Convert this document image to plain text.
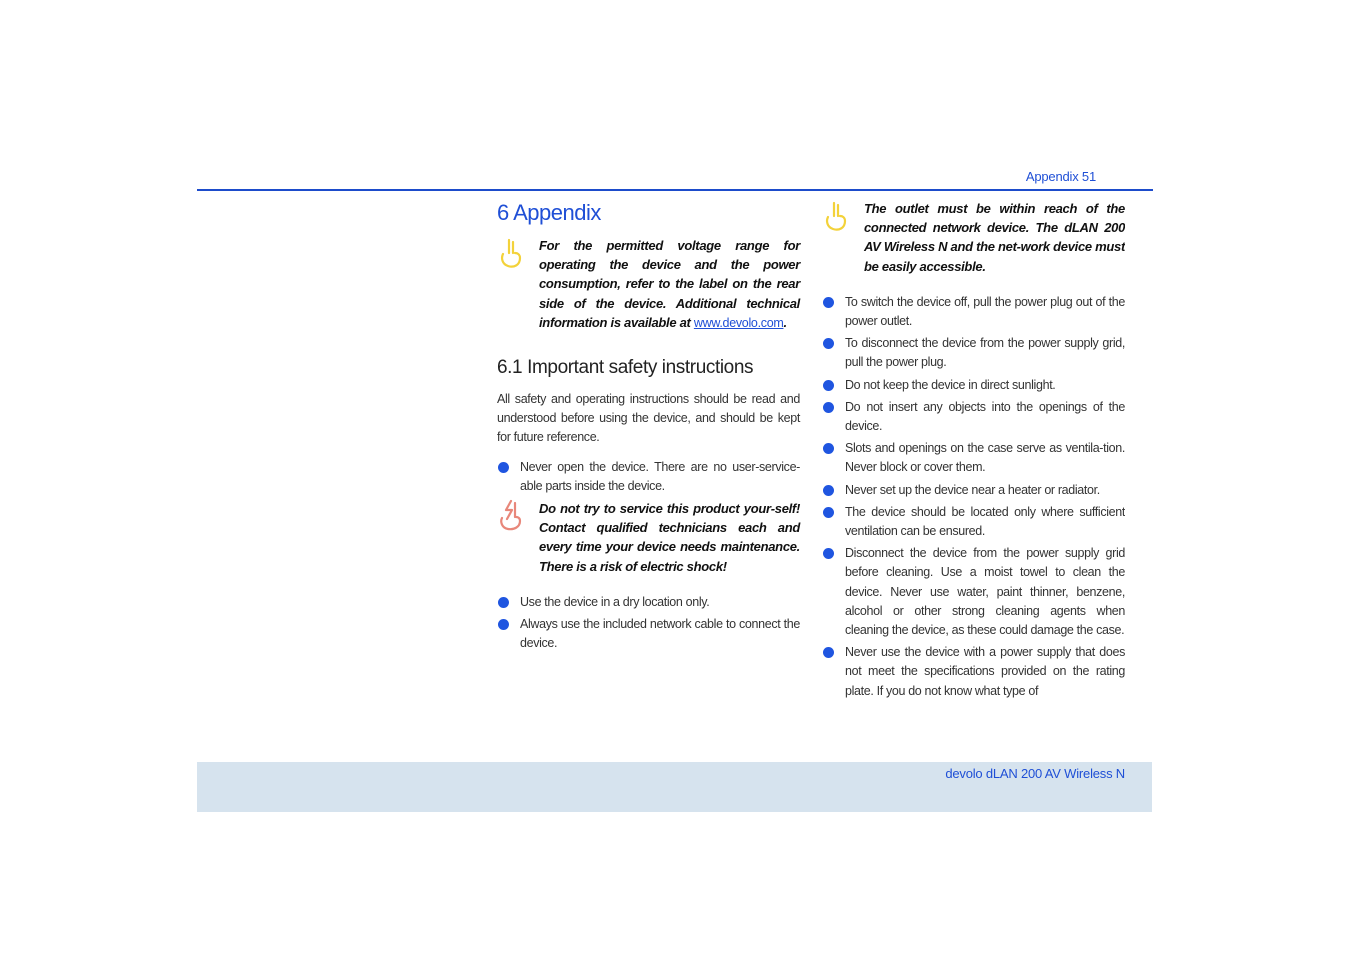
Appendix 51
6 Appendix
For the permitted voltage range for operating the device and the power consumption, refer to the label on the rear side of the device. Additional technical information is available at www.devolo.com.
6.1 Important safety instructions

All safety and operating instructions should be read and understood before using the device, and should be kept for future reference.

Never open the device. There are no user-service-able parts inside the device.
Do not try to service this product your-self! Contact qualified technicians each and every time your device needs maintenance. There is a risk of electric shock!
Use the device in a dry location only.
Always use the included network cable to connect the device.
The outlet must be within reach of the connected network device. The dLAN 200 AV Wireless N and the net-work device must be easily accessible.
To switch the device off, pull the power plug out of the power outlet.
To disconnect the device from the power supply grid, pull the power plug.
Do not keep the device in direct sunlight.
Do not insert any objects into the openings of the device.
Slots and openings on the case serve as ventila-tion. Never block or cover them.
Never set up the device near a heater or radiator.
The device should be located only where sufficient ventilation can be ensured.
Disconnect the device from the power supply grid before cleaning. Use a moist towel to clean the device. Never use water, paint thinner, benzene, alcohol or other strong cleaning agents when cleaning the device, as these could damage the case.
Never use the device with a power supply that does not meet the specifications provided on the rating plate. If you do not know what type of
devolo dLAN 200 AV Wireless N
